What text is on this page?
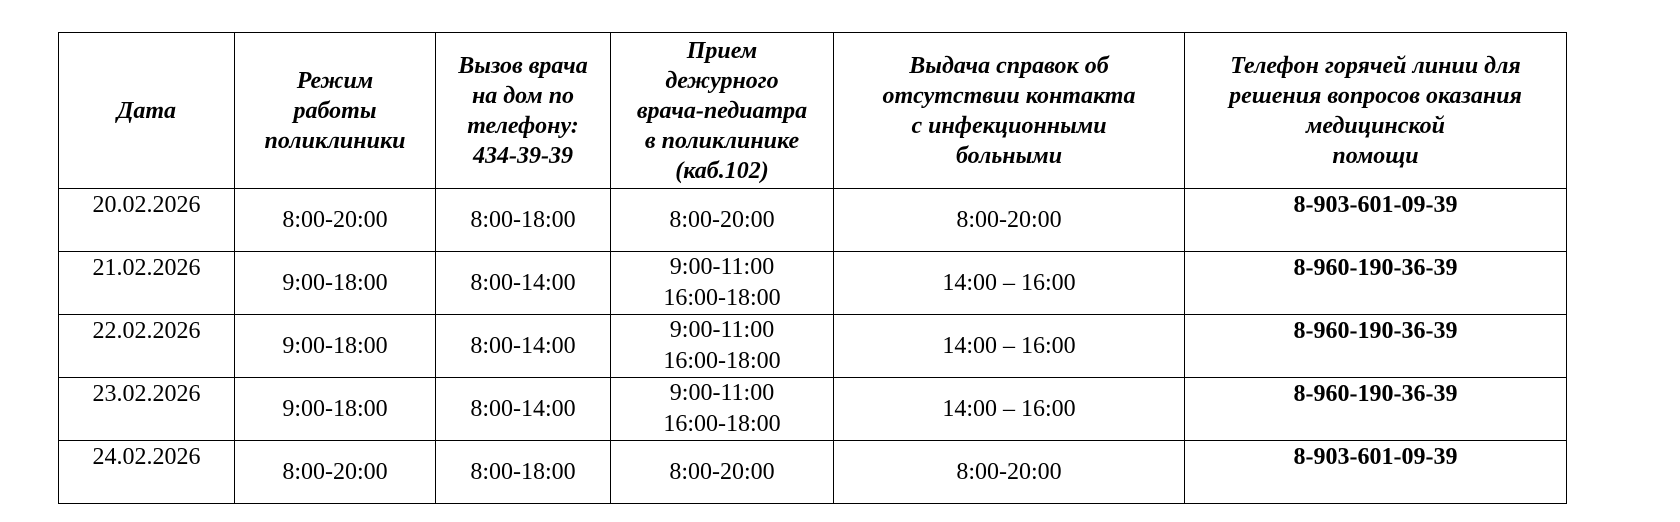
Дата	Режим
работы
поликлиники	Вызов врача
на дом по
телефону:
434-39-39	Прием
дежурного
врача-педиатра
в поликлинике
(каб.102)	Выдача справок об
отсутствии контакта
с инфекционными
больными	Телефон горячей линии для
решения вопросов оказания
медицинской
помощи
20.02.2026	8:00-20:00	8:00-18:00	8:00-20:00	8:00-20:00	8-903-601-09-39
21.02.2026	9:00-18:00	8:00-14:00	9:00-11:00
16:00-18:00	14:00 – 16:00	8-960-190-36-39
22.02.2026	9:00-18:00	8:00-14:00	9:00-11:00
16:00-18:00	14:00 – 16:00	8-960-190-36-39
23.02.2026	9:00-18:00	8:00-14:00	9:00-11:00
16:00-18:00	14:00 – 16:00	8-960-190-36-39
24.02.2026	8:00-20:00	8:00-18:00	8:00-20:00	8:00-20:00	8-903-601-09-39
